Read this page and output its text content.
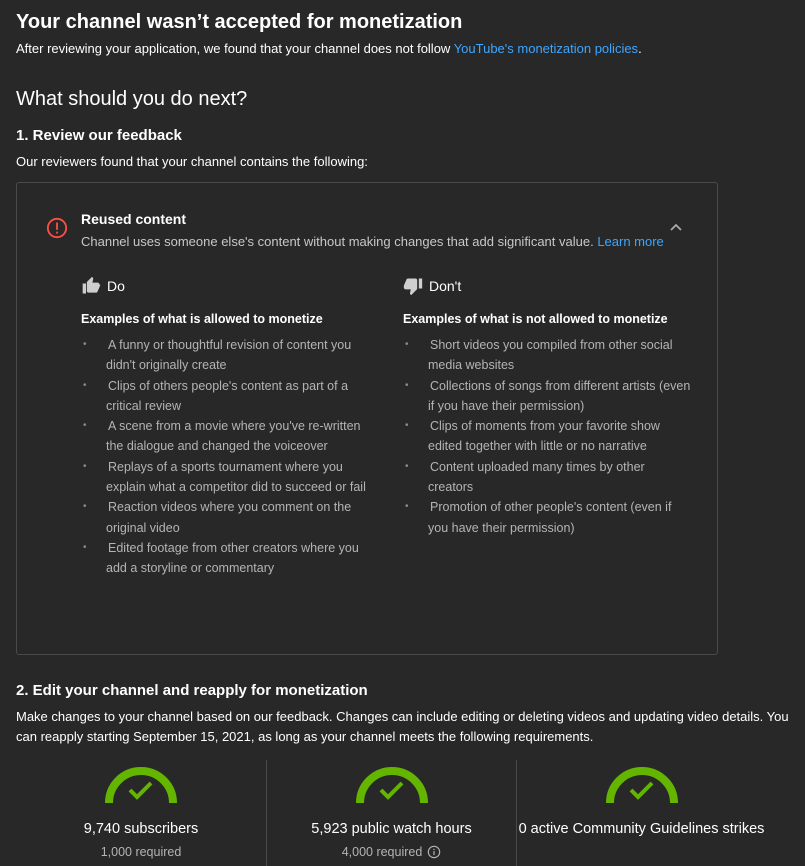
Your channel wasn’t accepted for monetization

After reviewing your application, we found that your channel does not follow YouTube's monetization policies.

What should you do next?
1. Review our feedback

Our reviewers found that your channel contains the following:

Reused content
Channel uses someone else's content without making changes that add significant value. Learn more
Do
Examples of what is allowed to monetize
• A funny or thoughtful revision of content you didn't originally create
• Clips of others people's content as part of a critical review
• A scene from a movie where you've re-written the dialogue and changed the voiceover
• Replays of a sports tournament where you explain what a competitor did to succeed or fail
• Reaction videos where you comment on the original video
• Edited footage from other creators where you add a storyline or commentary
Don't
Examples of what is not allowed to monetize
• Short videos you compiled from other social media websites
• Collections of songs from different artists (even if you have their permission)
• Clips of moments from your favorite show edited together with little or no narrative
• Content uploaded many times by other creators
• Promotion of other people's content (even if you have their permission)
2. Edit your channel and reapply for monetization

Make changes to your channel based on our feedback. Changes can include editing or deleting videos and updating video details. You can reapply starting September 15, 2021, as long as your channel meets the following requirements.

9,740 subscribers
1,000 required
5,923 public watch hours
4,000 required
0 active Community Guidelines strikes
